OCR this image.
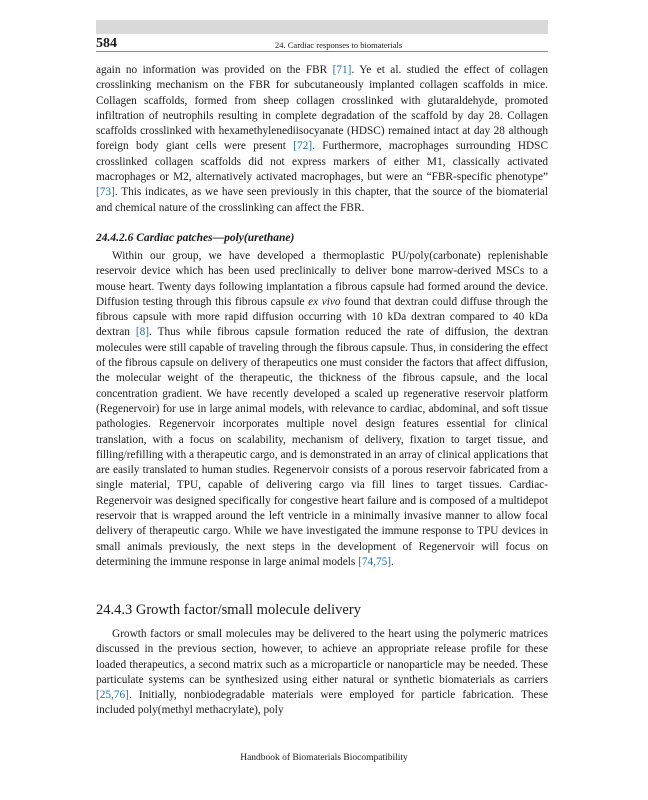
584	24. Cardiac responses to biomaterials

again no information was provided on the FBR [71]. Ye et al. studied the effect of collagen crosslinking mechanism on the FBR for subcutaneously implanted collagen scaffolds in mice. Collagen scaffolds, formed from sheep collagen crosslinked with glutaraldehyde, promoted infiltration of neutrophils resulting in complete degradation of the scaffold by day 28. Collagen scaffolds crosslinked with hexamethylenediisocyanate (HDSC) remained intact at day 28 although foreign body giant cells were present [72]. Furthermore, macrophages surrounding HDSC crosslinked collagen scaffolds did not express markers of either M1, classically activated macrophages or M2, alternatively activated macrophages, but were an “FBR-specific phenotype” [73]. This indicates, as we have seen previously in this chapter, that the source of the biomaterial and chemical nature of the crosslinking can affect the FBR.

24.4.2.6 Cardiac patches—poly(urethane)

Within our group, we have developed a thermoplastic PU/poly(carbonate) replenishable reservoir device which has been used preclinically to deliver bone marrow-derived MSCs to a mouse heart. Twenty days following implantation a fibrous capsule had formed around the device. Diffusion testing through this fibrous capsule ex vivo found that dextran could diffuse through the fibrous capsule with more rapid diffusion occurring with 10 kDa dextran compared to 40 kDa dextran [8]. Thus while fibrous capsule formation reduced the rate of diffusion, the dextran molecules were still capable of traveling through the fibrous capsule. Thus, in considering the effect of the fibrous capsule on delivery of therapeutics one must consider the factors that affect diffusion, the molecular weight of the therapeutic, the thickness of the fibrous capsule, and the local concentration gradient. We have recently developed a scaled up regenerative reservoir platform (Regenervoir) for use in large animal models, with relevance to cardiac, abdominal, and soft tissue pathologies. Regenervoir incorporates multiple novel design features essential for clinical translation, with a focus on scalability, mechanism of delivery, fixation to target tissue, and filling/refilling with a therapeutic cargo, and is demonstrated in an array of clinical applications that are easily translated to human studies. Regenervoir consists of a porous reservoir fabricated from a single material, TPU, capable of delivering cargo via fill lines to target tissues. Cardiac-Regenervoir was designed specifically for congestive heart failure and is composed of a multidepot reservoir that is wrapped around the left ventricle in a minimally invasive manner to allow focal delivery of therapeutic cargo. While we have investigated the immune response to TPU devices in small animals previously, the next steps in the development of Regenervoir will focus on determining the immune response in large animal models [74,75].

24.4.3 Growth factor/small molecule delivery

Growth factors or small molecules may be delivered to the heart using the polymeric matrices discussed in the previous section, however, to achieve an appropriate release profile for these loaded therapeutics, a second matrix such as a microparticle or nanoparticle may be needed. These particulate systems can be synthesized using either natural or synthetic biomaterials as carriers [25,76]. Initially, nonbiodegradable materials were employed for particle fabrication. These included poly(methyl methacrylate), poly

Handbook of Biomaterials Biocompatibility
